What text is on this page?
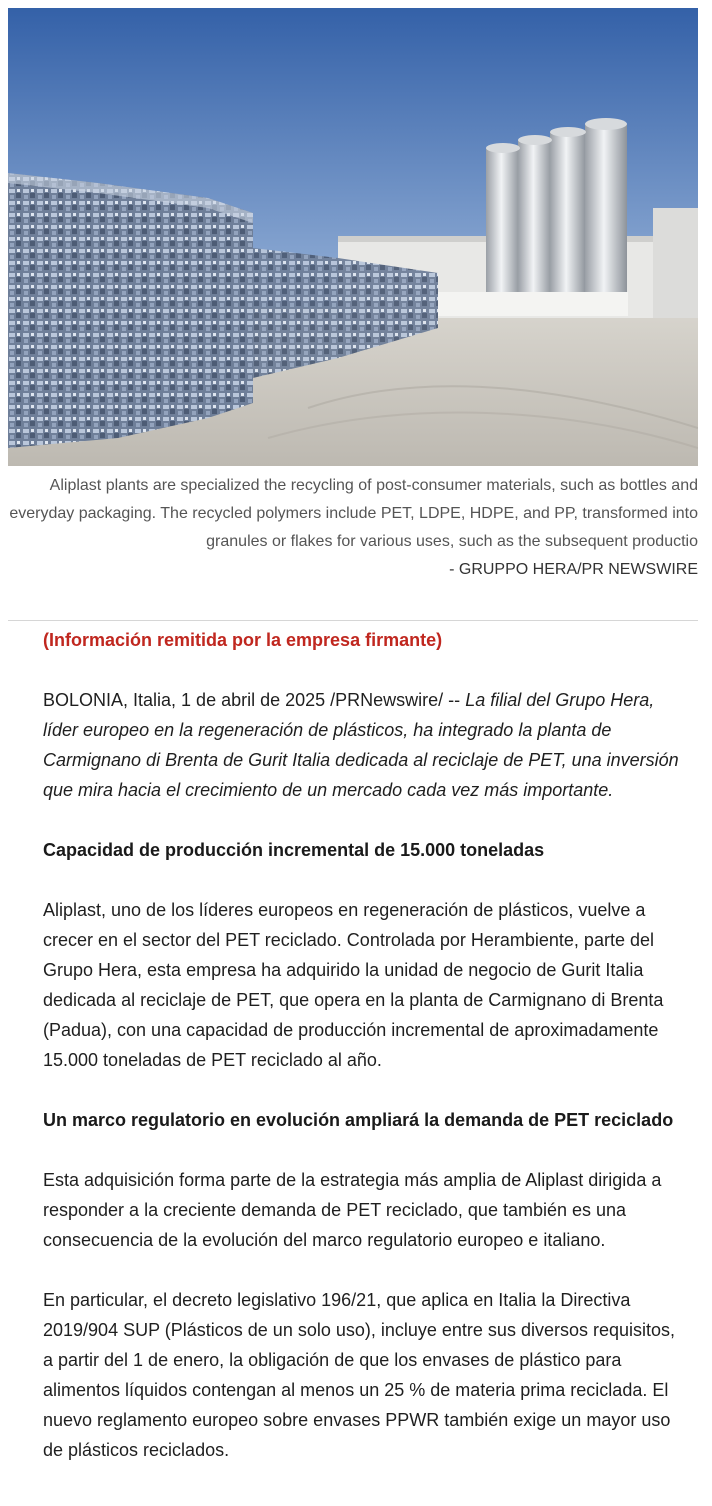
Aliplast plants are specialized the recycling of post-consumer materials, such as bottles and everyday packaging. The recycled polymers include PET, LDPE, HDPE, and PP, transformed into granules or flakes for various uses, such as the subsequent productio
- GRUPPO HERA/PR NEWSWIRE

(Información remitida por la empresa firmante)

BOLONIA, Italia, 1 de abril de 2025 /PRNewswire/ -- La filial del Grupo Hera, líder europeo en la regeneración de plásticos, ha integrado la planta de Carmignano di Brenta de Gurit Italia dedicada al reciclaje de PET, una inversión que mira hacia el crecimiento de un mercado cada vez más importante.

Capacidad de producción incremental de 15.000 toneladas

Aliplast, uno de los líderes europeos en regeneración de plásticos, vuelve a crecer en el sector del PET reciclado. Controlada por Herambiente, parte del Grupo Hera, esta empresa ha adquirido la unidad de negocio de Gurit Italia dedicada al reciclaje de PET, que opera en la planta de Carmignano di Brenta (Padua), con una capacidad de producción incremental de aproximadamente 15.000 toneladas de PET reciclado al año.

Un marco regulatorio en evolución ampliará la demanda de PET reciclado

Esta adquisición forma parte de la estrategia más amplia de Aliplast dirigida a responder a la creciente demanda de PET reciclado, que también es una consecuencia de la evolución del marco regulatorio europeo e italiano.

En particular, el decreto legislativo 196/21, que aplica en Italia la Directiva 2019/904 SUP (Plásticos de un solo uso), incluye entre sus diversos requisitos, a partir del 1 de enero, la obligación de que los envases de plástico para alimentos líquidos contengan al menos un 25 % de materia prima reciclada. El nuevo reglamento europeo sobre envases PPWR también exige un mayor uso de plásticos reciclados.
